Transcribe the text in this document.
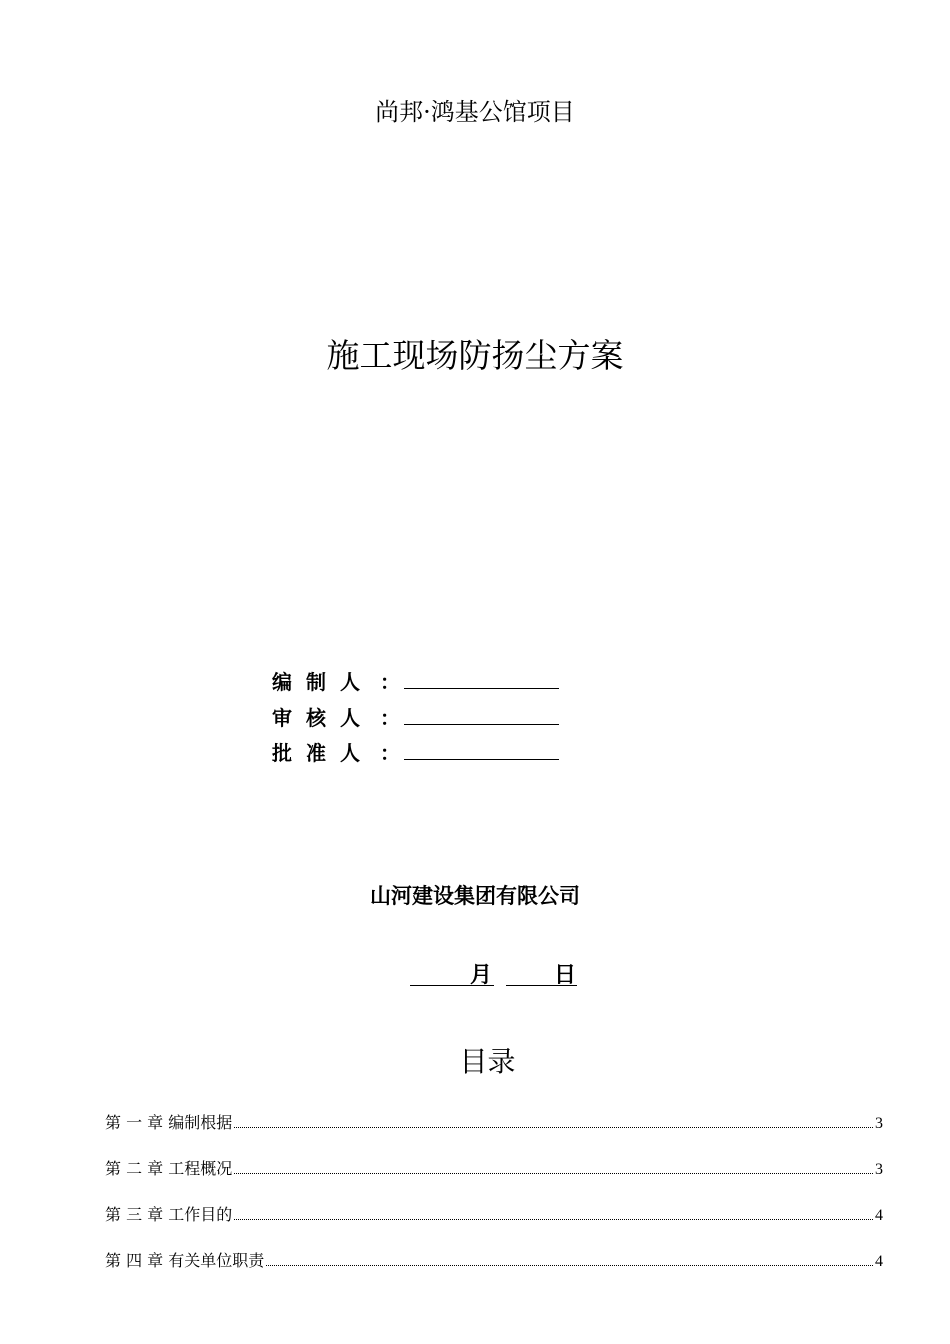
尚邦·鸿基公馆项目
施工现场防扬尘方案
编制人 ：
审核人 ：
批准人 ：
山河建设集团有限公司
月	日
目录
第 一 章 编制根据	3
第 二 章 工程概况	3
第 三 章 工作目的	4
第 四 章 有关单位职责	4
